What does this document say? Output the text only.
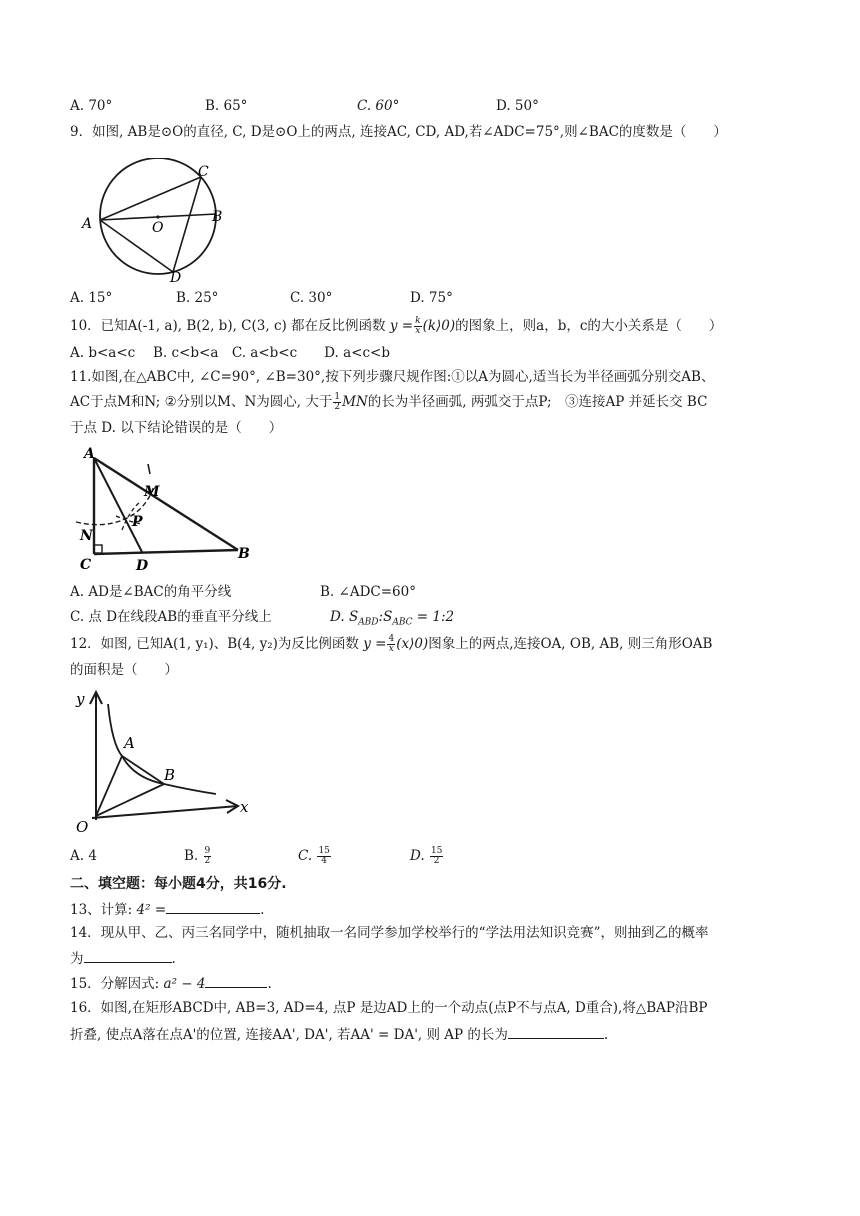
A. 70°	B. 65°	C. 60°	D. 50°
9．如图, AB是⊙O的直径, C, D是⊙O上的两点, 连接AC, CD, AD,若∠ADC=75°,则∠BAC的度数是（　　）
A	B
C
D
O
A. 15°	B. 25°	C. 30°	D. 75°
10．已知A(-1, a), B(2, b), C(3, c) 都在反比例函数 $y = \frac{k}{x}$ (k⟩0)的图象上，则a，b，c的大小关系是（　　）
A. b<a<c　 B. c<b<a　C. a<b<c　　D. a<c<b
11.如图,在△ABC中, ∠C=90°, ∠B=30°,按下列步骤尺规作图:①以A为圆心,适当长为半径画弧分别交AB、
AC于点M和N; ②分别以M、N为圆心, 大于 $\frac{1}{2}$ MN的长为半径画弧, 两弧交于点P;　③连接AP 并延长交 BC
于点 D. 以下结论错误的是（　　）
A
M
N
P
C	D
B
A. AD是∠BAC的角平分线	B. ∠ADC=60°
C. 点 D在线段AB的垂直平分线上	D. $S_{ABD}:S_{ABC}$ = 1:2
12．如图, 已知A(1, y₁)、B(4, y₂)为反比例函数 $y = \frac{4}{x}$ (x⟩0)图象上的两点,连接OA, OB, AB, 则三角形OAB
的面积是（　　）
y
x
O
A
B
A. 4	B. $\frac{9}{2}$	C. $\frac{15}{4}$	D. $\frac{15}{2}$
二、填空题：每小题4分，共16分.
13、计算: 4² =	.
14．现从甲、乙、丙三名同学中，随机抽取一名同学参加学校举行的“学法用法知识竞赛”，则抽到乙的概率
为	.
15．分解因式: a² − 4	.
16．如图,在矩形ABCD中, AB=3, AD=4, 点P 是边AD上的一个动点(点P不与点A, D重合),将△BAP沿BP
折叠, 使点A落在点A'的位置, 连接AA', DA', 若AA' = DA', 则 AP 的长为	.
